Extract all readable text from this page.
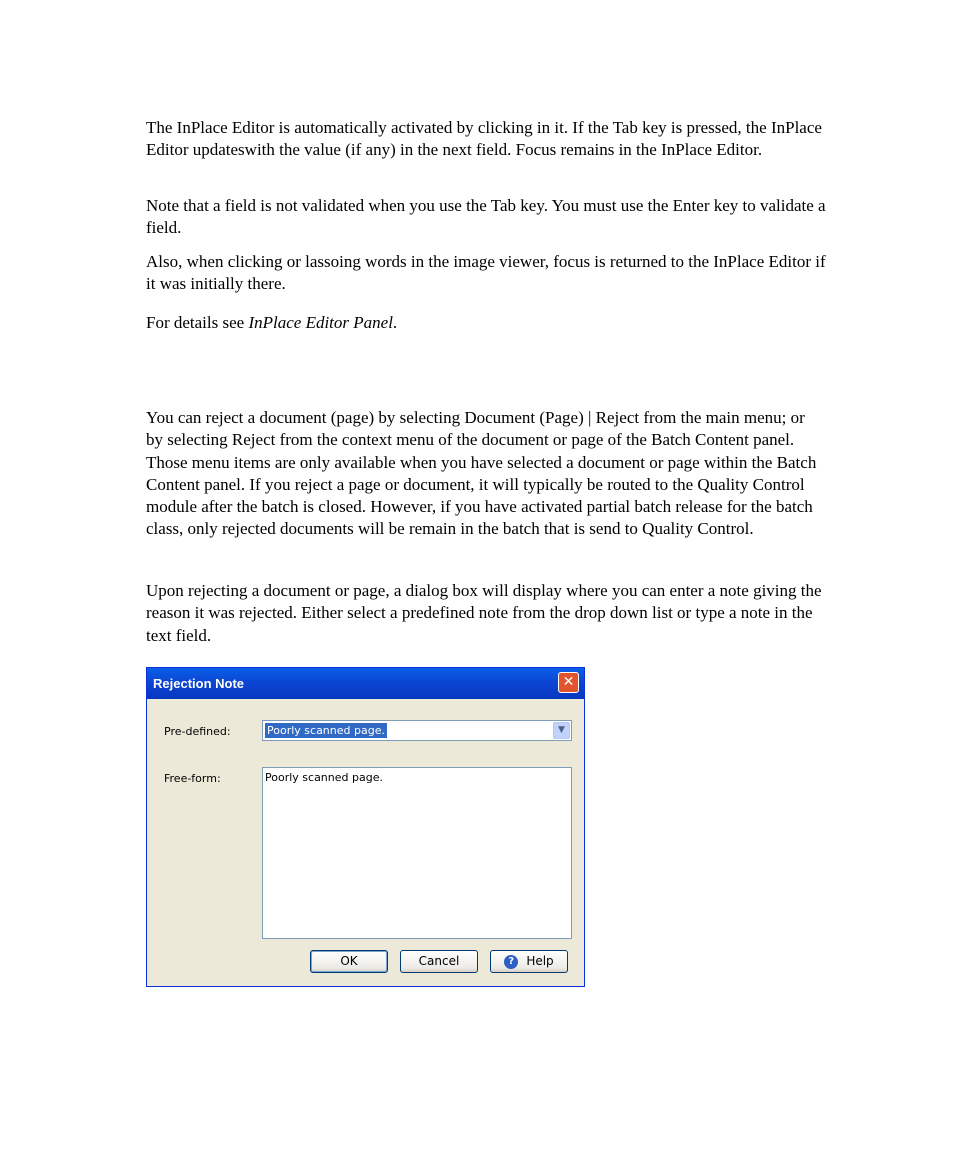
The InPlace Editor is automatically activated by clicking in it. If the Tab key is pressed, the InPlace Editor updateswith the value (if any) in the next field. Focus remains in the InPlace Editor.

Note that a field is not validated when you use the Tab key. You must use the Enter key to validate a field.

Also, when clicking or lassoing words in the image viewer, focus is returned to the InPlace Editor if it was initially there.

For details see InPlace Editor Panel.

You can reject a document (page) by selecting Document (Page) | Reject from the main menu; or by selecting Reject from the context menu of the document or page of the Batch Content panel. Those menu items are only available when you have selected a document or page within the Batch Content panel. If you reject a page or document, it will typically be routed to the Quality Control module after the batch is closed. However, if you have activated partial batch release for the batch class, only rejected documents will be remain in the batch that is send to Quality Control.

Upon rejecting a document or page, a dialog box will display where you can enter a note giving the reason it was rejected. Either select a predefined note from the drop down list or type a note in the text field.

Rejection Note	✕
Pre-defined:	Poorly scanned page.	▼
Free-form:	Poorly scanned page.
OK	Cancel	? Help
